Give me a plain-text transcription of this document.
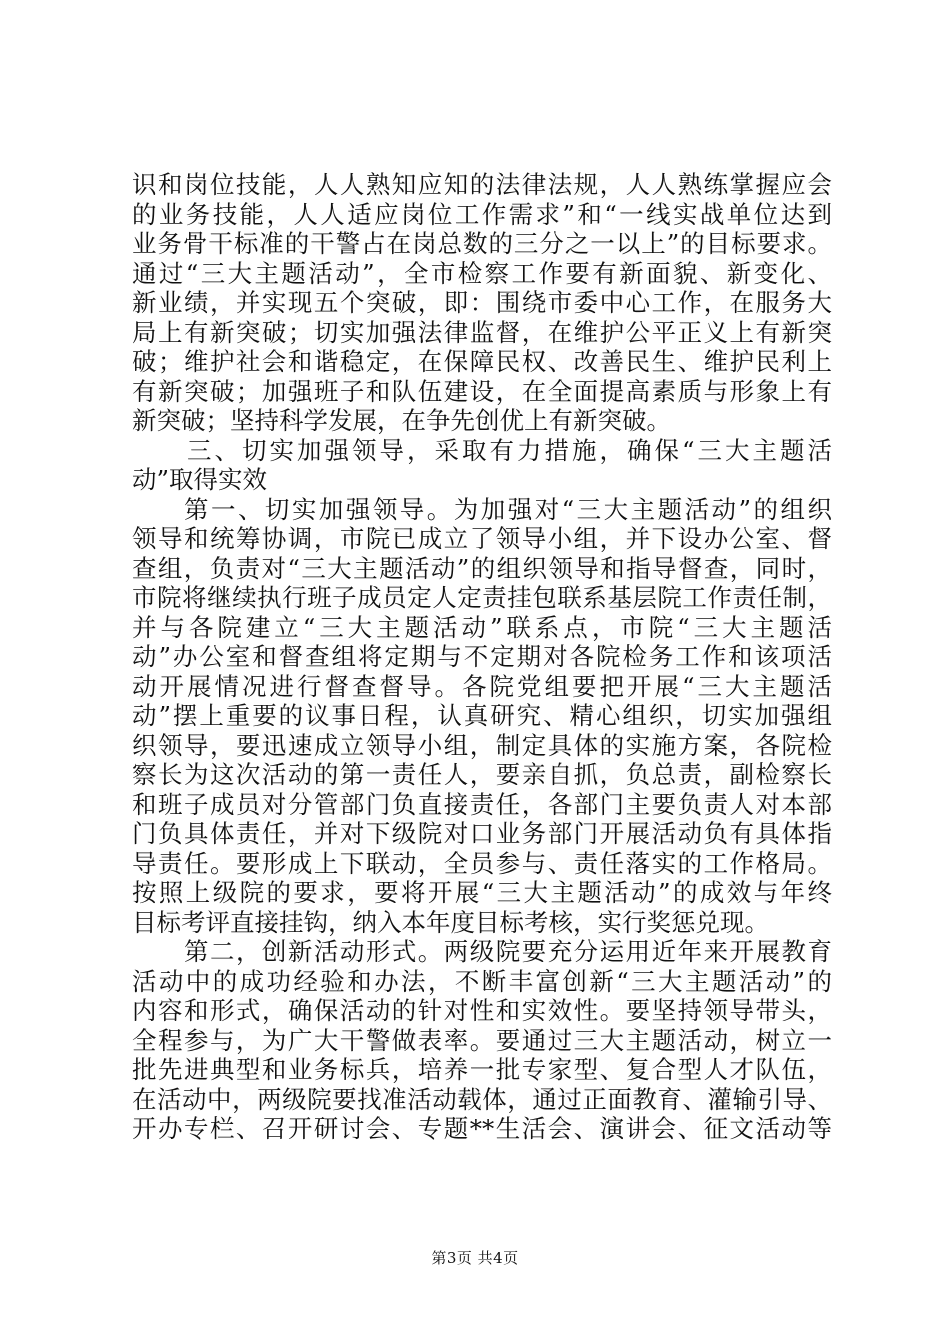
识和岗位技能，人人熟知应知的法律法规，人人熟练掌握应会
的业务技能，人人适应岗位工作需求”和“一线实战单位达到
业务骨干标准的干警占在岗总数的三分之一以上”的目标要求。
通过“三大主题活动”，全市检察工作要有新面貌、新变化、
新业绩，并实现五个突破，即：围绕市委中心工作，在服务大
局上有新突破；切实加强法律监督，在维护公平正义上有新突
破；维护社会和谐稳定，在保障民权、改善民生、维护民利上
有新突破；加强班子和队伍建设，在全面提高素质与形象上有
新突破；坚持科学发展，在争先创优上有新突破。
三、切实加强领导，采取有力措施，确保“三大主题活
动”取得实效
第一、切实加强领导。为加强对“三大主题活动”的组织
领导和统筹协调，市院已成立了领导小组，并下设办公室、督
查组，负责对“三大主题活动”的组织领导和指导督查，同时，
市院将继续执行班子成员定人定责挂包联系基层院工作责任制，
并与各院建立“三大主题活动”联系点，市院“三大主题活
动”办公室和督查组将定期与不定期对各院检务工作和该项活
动开展情况进行督查督导。各院党组要把开展“三大主题活
动”摆上重要的议事日程，认真研究、精心组织，切实加强组
织领导，要迅速成立领导小组，制定具体的实施方案，各院检
察长为这次活动的第一责任人，要亲自抓，负总责，副检察长
和班子成员对分管部门负直接责任，各部门主要负责人对本部
门负具体责任，并对下级院对口业务部门开展活动负有具体指
导责任。要形成上下联动，全员参与、责任落实的工作格局。
按照上级院的要求，要将开展“三大主题活动”的成效与年终
目标考评直接挂钩，纳入本年度目标考核，实行奖惩兑现。
第二，创新活动形式。两级院要充分运用近年来开展教育
活动中的成功经验和办法，不断丰富创新“三大主题活动”的
内容和形式，确保活动的针对性和实效性。要坚持领导带头，
全程参与，为广大干警做表率。要通过三大主题活动，树立一
批先进典型和业务标兵，培养一批专家型、复合型人才队伍，
在活动中，两级院要找准活动载体，通过正面教育、灌输引导、
开办专栏、召开研讨会、专题**生活会、演讲会、征文活动等
第3页 共4页
